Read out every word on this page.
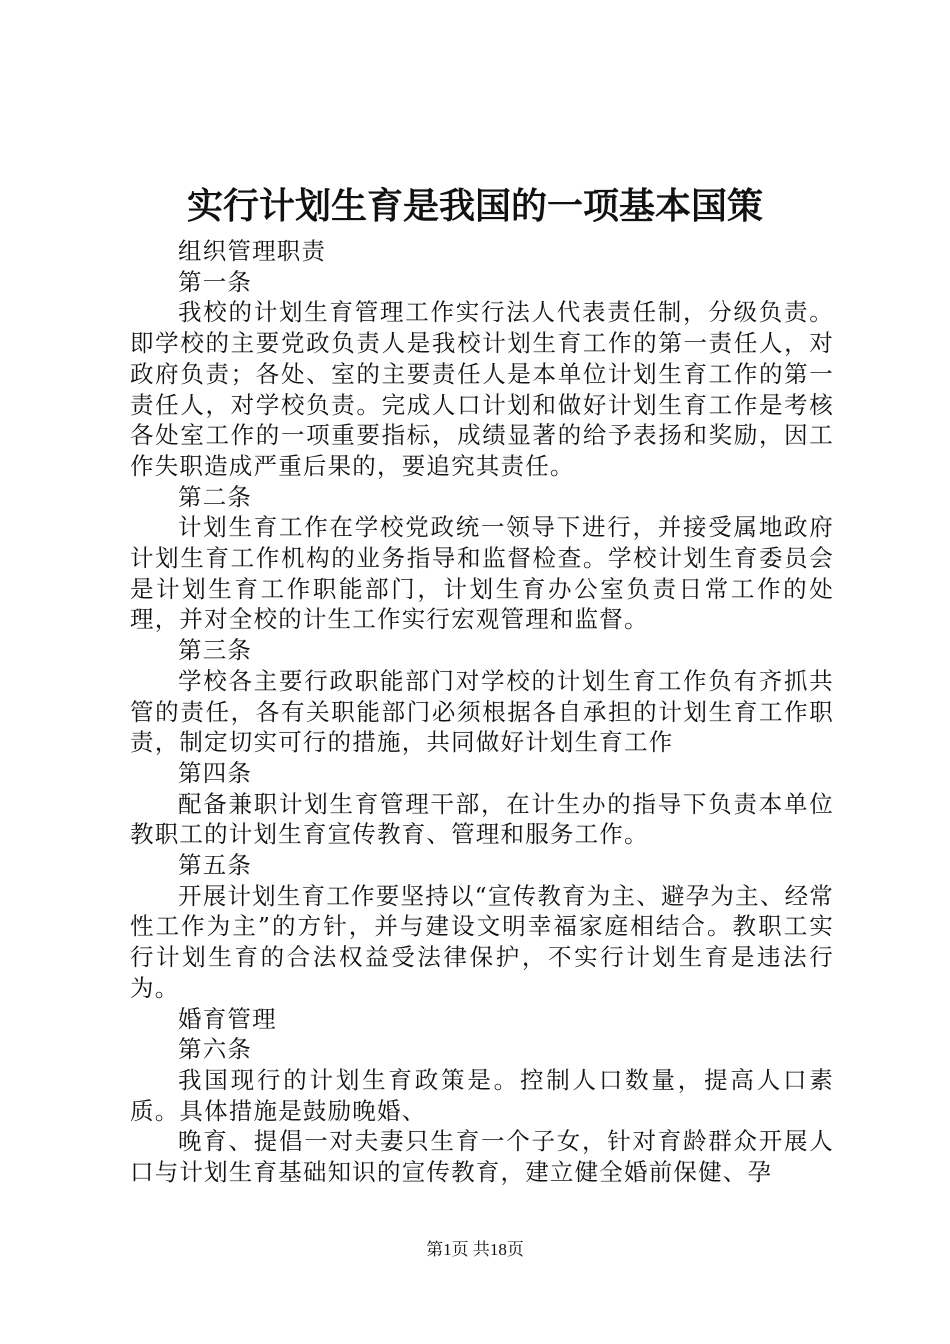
实行计划生育是我国的一项基本国策

组织管理职责

第一条

我校的计划生育管理工作实行法人代表责任制，分级负责。即学校的主要党政负责人是我校计划生育工作的第一责任人，对政府负责；各处、室的主要责任人是本单位计划生育工作的第一责任人，对学校负责。完成人口计划和做好计划生育工作是考核各处室工作的一项重要指标，成绩显著的给予表扬和奖励，因工作失职造成严重后果的，要追究其责任。

第二条

计划生育工作在学校党政统一领导下进行，并接受属地政府计划生育工作机构的业务指导和监督检查。学校计划生育委员会是计划生育工作职能部门，计划生育办公室负责日常工作的处理，并对全校的计生工作实行宏观管理和监督。

第三条

学校各主要行政职能部门对学校的计划生育工作负有齐抓共管的责任，各有关职能部门必须根据各自承担的计划生育工作职责，制定切实可行的措施，共同做好计划生育工作

第四条

配备兼职计划生育管理干部，在计生办的指导下负责本单位教职工的计划生育宣传教育、管理和服务工作。

第五条

开展计划生育工作要坚持以“宣传教育为主、避孕为主、经常性工作为主”的方针，并与建设文明幸福家庭相结合。教职工实行计划生育的合法权益受法律保护，不实行计划生育是违法行为。

婚育管理

第六条

我国现行的计划生育政策是。控制人口数量，提高人口素质。具体措施是鼓励晚婚、

晚育、提倡一对夫妻只生育一个子女，针对育龄群众开展人口与计划生育基础知识的宣传教育，建立健全婚前保健、孕

第1页 共18页
